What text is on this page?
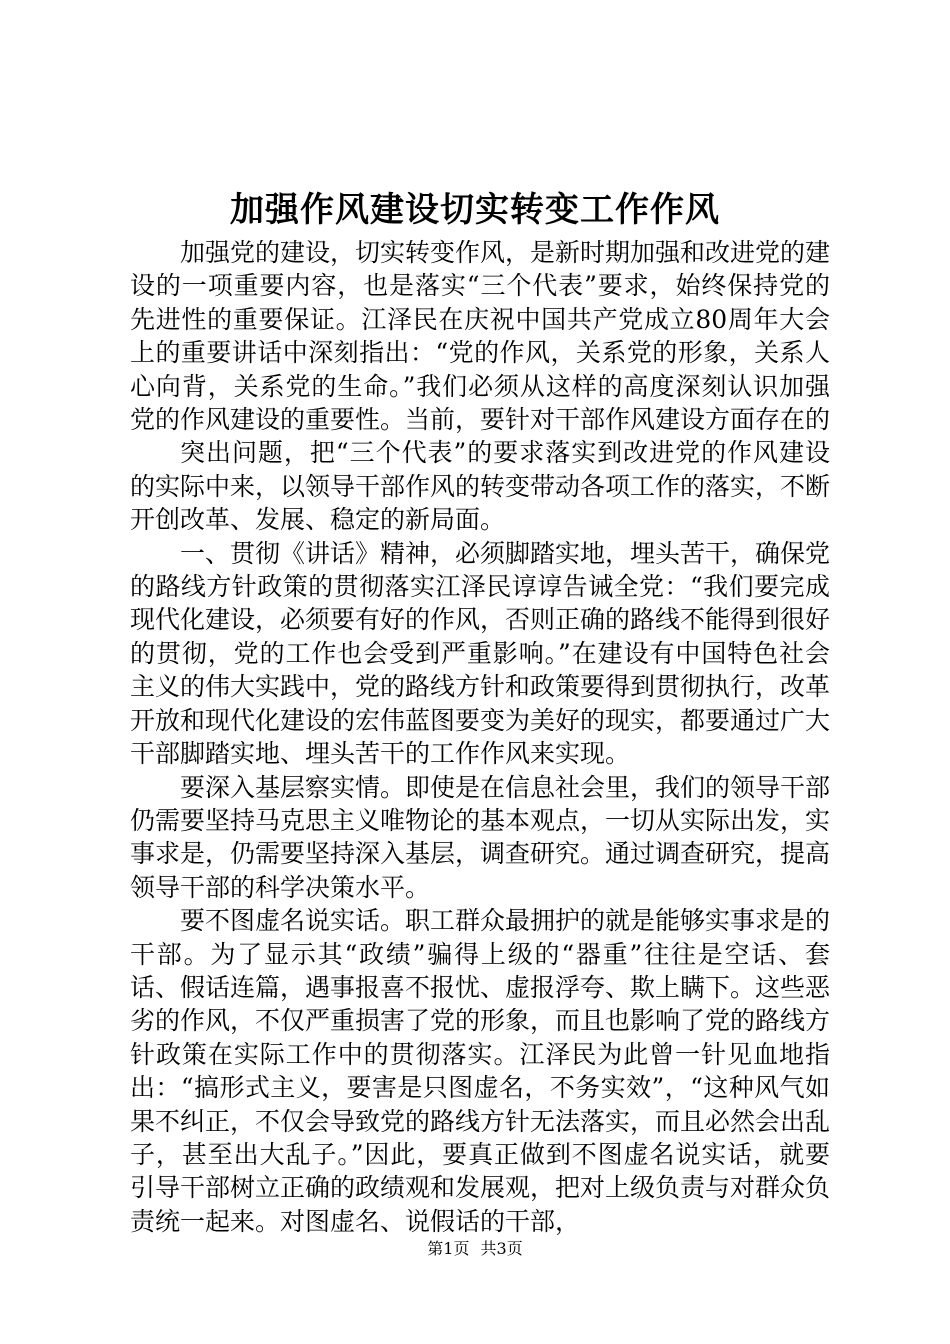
加强作风建设切实转变工作作风

加强党的建设，切实转变作风，是新时期加强和改进党的建设的一项重要内容，也是落实“三个代表”要求，始终保持党的先进性的重要保证。江泽民在庆祝中国共产党成立80周年大会上的重要讲话中深刻指出：“党的作风，关系党的形象，关系人心向背，关系党的生命。”我们必须从这样的高度深刻认识加强党的作风建设的重要性。当前，要针对干部作风建设方面存在的

突出问题，把“三个代表”的要求落实到改进党的作风建设的实际中来，以领导干部作风的转变带动各项工作的落实，不断开创改革、发展、稳定的新局面。

一、贯彻《讲话》精神，必须脚踏实地，埋头苦干，确保党的路线方针政策的贯彻落实江泽民谆谆告诫全党：“我们要完成现代化建设，必须要有好的作风，否则正确的路线不能得到很好的贯彻，党的工作也会受到严重影响。”在建设有中国特色社会主义的伟大实践中，党的路线方针和政策要得到贯彻执行，改革开放和现代化建设的宏伟蓝图要变为美好的现实，都要通过广大干部脚踏实地、埋头苦干的工作作风来实现。

要深入基层察实情。即使是在信息社会里，我们的领导干部仍需要坚持马克思主义唯物论的基本观点，一切从实际出发，实事求是，仍需要坚持深入基层，调查研究。通过调查研究，提高领导干部的科学决策水平。

要不图虚名说实话。职工群众最拥护的就是能够实事求是的干部。为了显示其“政绩”骗得上级的“器重”往往是空话、套话、假话连篇，遇事报喜不报忧、虚报浮夸、欺上瞒下。这些恶劣的作风，不仅严重损害了党的形象，而且也影响了党的路线方针政策在实际工作中的贯彻落实。江泽民为此曾一针见血地指出：“搞形式主义，要害是只图虚名，不务实效”，“这种风气如果不纠正，不仅会导致党的路线方针无法落实，而且必然会出乱子，甚至出大乱子。”因此，要真正做到不图虚名说实话，就要引导干部树立正确的政绩观和发展观，把对上级负责与对群众负责统一起来。对图虚名、说假话的干部，

第1页 共3页
